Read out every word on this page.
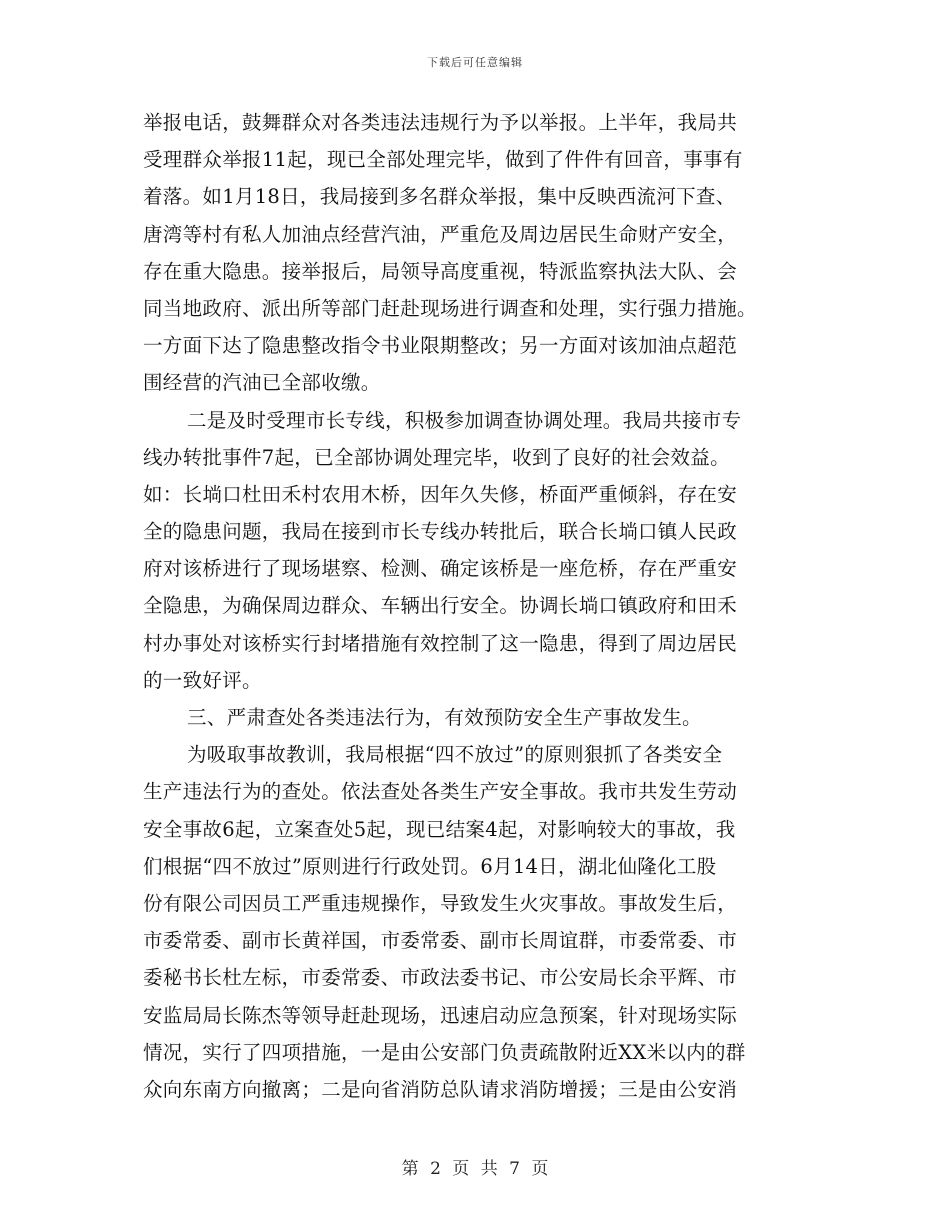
下载后可任意编辑
举报电话，鼓舞群众对各类违法违规行为予以举报。上半年，我局共
受理群众举报11起，现已全部处理完毕，做到了件件有回音，事事有
着落。如1月18日，我局接到多名群众举报，集中反映西流河下查、
唐湾等村有私人加油点经营汽油，严重危及周边居民生命财产安全，
存在重大隐患。接举报后，局领导高度重视，特派监察执法大队、会
同当地政府、派出所等部门赶赴现场进行调查和处理，实行强力措施。
一方面下达了隐患整改指令书业限期整改；另一方面对该加油点超范
围经营的汽油已全部收缴。
二是及时受理市长专线，积极参加调查协调处理。我局共接市专
线办转批事件7起，已全部协调处理完毕，收到了良好的社会效益。
如：长埫口杜田禾村农用木桥，因年久失修，桥面严重倾斜，存在安
全的隐患问题，我局在接到市长专线办转批后，联合长埫口镇人民政
府对该桥进行了现场堪察、检测、确定该桥是一座危桥，存在严重安
全隐患，为确保周边群众、车辆出行安全。协调长埫口镇政府和田禾
村办事处对该桥实行封堵措施有效控制了这一隐患，得到了周边居民
的一致好评。
三、严肃查处各类违法行为，有效预防安全生产事故发生。
为吸取事故教训，我局根据“四不放过”的原则狠抓了各类安全
生产违法行为的查处。依法查处各类生产安全事故。我市共发生劳动
安全事故6起，立案查处5起，现已结案4起，对影响较大的事故，我
们根据“四不放过”原则进行行政处罚。6月14日，湖北仙隆化工股
份有限公司因员工严重违规操作，导致发生火灾事故。事故发生后，
市委常委、副市长黄祥国，市委常委、副市长周谊群，市委常委、市
委秘书长杜左标，市委常委、市政法委书记、市公安局长余平辉、市
安监局局长陈杰等领导赶赴现场，迅速启动应急预案，针对现场实际
情况，实行了四项措施，一是由公安部门负责疏散附近XX米以内的群
众向东南方向撤离；二是向省消防总队请求消防增援；三是由公安消
第 2 页 共 7 页
